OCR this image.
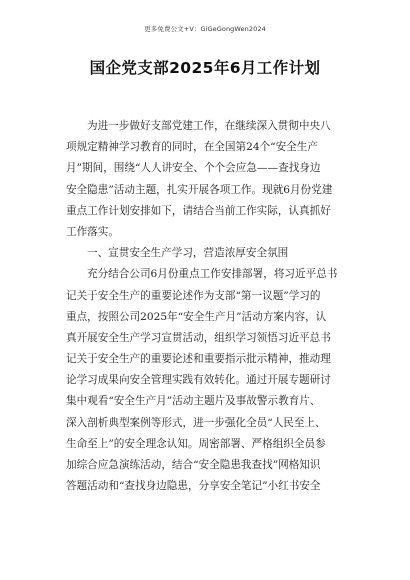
更多免费公文+V：GiGeGongWen2024
国企党支部2025年6月工作计划
为进一步做好支部党建工作，在继续深入贯彻中央八
项规定精神学习教育的同时，在全国第24个“安全生产
月”期间，围绕“人人讲安全、个个会应急——查找身边
安全隐患”活动主题，扎实开展各项工作。现就6月份党建
重点工作计划安排如下，请结合当前工作实际，认真抓好
工作落实。
一、宣贯安全生产学习，营造浓厚安全氛围
充分结合公司6月份重点工作安排部署，将习近平总书
记关于安全生产的重要论述作为支部“第一议题”学习的
重点，按照公司2025年“安全生产月”活动方案内容，认
真开展安全生产学习宣贯活动，组织学习领悟习近平总书
记关于安全生产的重要论述和重要指示批示精神，推动理
论学习成果向安全管理实践有效转化。通过开展专题研讨
集中观看“安全生产月”活动主题片及事故警示教育片、
深入剖析典型案例等形式，进一步强化全员“人民至上、
生命至上”的安全理念认知。周密部署、严格组织全员参
加综合应急演练活动，结合“安全隐患我查找”网格知识
答题活动和“查找身边隐患，分享安全笔记”小红书安全
